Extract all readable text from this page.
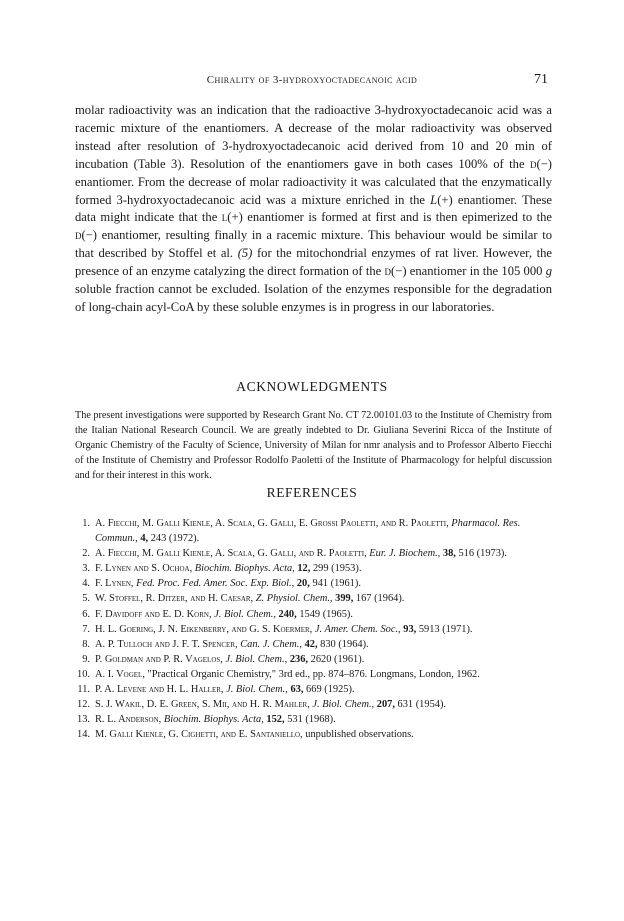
Chirality of 3-hydroxyoctadecanoic acid	71

molar radioactivity was an indication that the radioactive 3-hydroxyoctadecanoic acid was a racemic mixture of the enantiomers. A decrease of the molar radioactivity was observed instead after resolution of 3-hydroxyoctadecanoic acid derived from 10 and 20 min of incubation (Table 3). Resolution of the enantiomers gave in both cases 100% of the d(−) enantiomer. From the decrease of molar radioactivity it was calculated that the enzymatically formed 3-hydroxyoctadecanoic acid was a mixture enriched in the L(+) enantiomer. These data might indicate that the l(+) enantiomer is formed at first and is then epimerized to the d(−) enantiomer, resulting finally in a racemic mixture. This behaviour would be similar to that described by Stoffel et al. (5) for the mitochondrial enzymes of rat liver. However, the presence of an enzyme catalyzing the direct formation of the d(−) enantiomer in the 105 000 g soluble fraction cannot be excluded. Isolation of the enzymes responsible for the degradation of long-chain acyl-CoA by these soluble enzymes is in progress in our laboratories.

ACKNOWLEDGMENTS

The present investigations were supported by Research Grant No. CT 72.00101.03 to the Institute of Chemistry from the Italian National Research Council. We are greatly indebted to Dr. Giuliana Severini Ricca of the Institute of Organic Chemistry of the Faculty of Science, University of Milan for nmr analysis and to Professor Alberto Fiecchi of the Institute of Chemistry and Professor Rodolfo Paoletti of the Institute of Pharmacology for helpful discussion and for their interest in this work.

REFERENCES
1. A. Fiecchi, M. Galli Kienle, A. Scala, G. Galli, E. Grossi Paoletti, and R. Paoletti, Pharmacol. Res. Commun., 4, 243 (1972).
2. A. Fiecchi, M. Galli Kienle, A. Scala, G. Galli, and R. Paoletti, Eur. J. Biochem., 38, 516 (1973).
3. F. Lynen and S. Ochoa, Biochim. Biophys. Acta, 12, 299 (1953).
4. F. Lynen, Fed. Proc. Fed. Amer. Soc. Exp. Biol., 20, 941 (1961).
5. W. Stoffel, R. Ditzer, and H. Caesar, Z. Physiol. Chem., 399, 167 (1964).
6. F. Davidoff and E. D. Korn, J. Biol. Chem., 240, 1549 (1965).
7. H. L. Goering, J. N. Eikenberry, and G. S. Koermer, J. Amer. Chem. Soc., 93, 5913 (1971).
8. A. P. Tulloch and J. F. T. Spencer, Can. J. Chem., 42, 830 (1964).
9. P. Goldman and P. R. Vagelos, J. Biol. Chem., 236, 2620 (1961).
10. A. I. Vogel, "Practical Organic Chemistry," 3rd ed., pp. 874–876. Longmans, London, 1962.
11. P. A. Levene and H. L. Haller, J. Biol. Chem., 63, 669 (1925).
12. S. J. Wakil, D. E. Green, S. Mii, and H. R. Mahler, J. Biol. Chem., 207, 631 (1954).
13. R. L. Anderson, Biochim. Biophys. Acta, 152, 531 (1968).
14. M. Galli Kienle, G. Cighetti, and E. Santaniello, unpublished observations.
